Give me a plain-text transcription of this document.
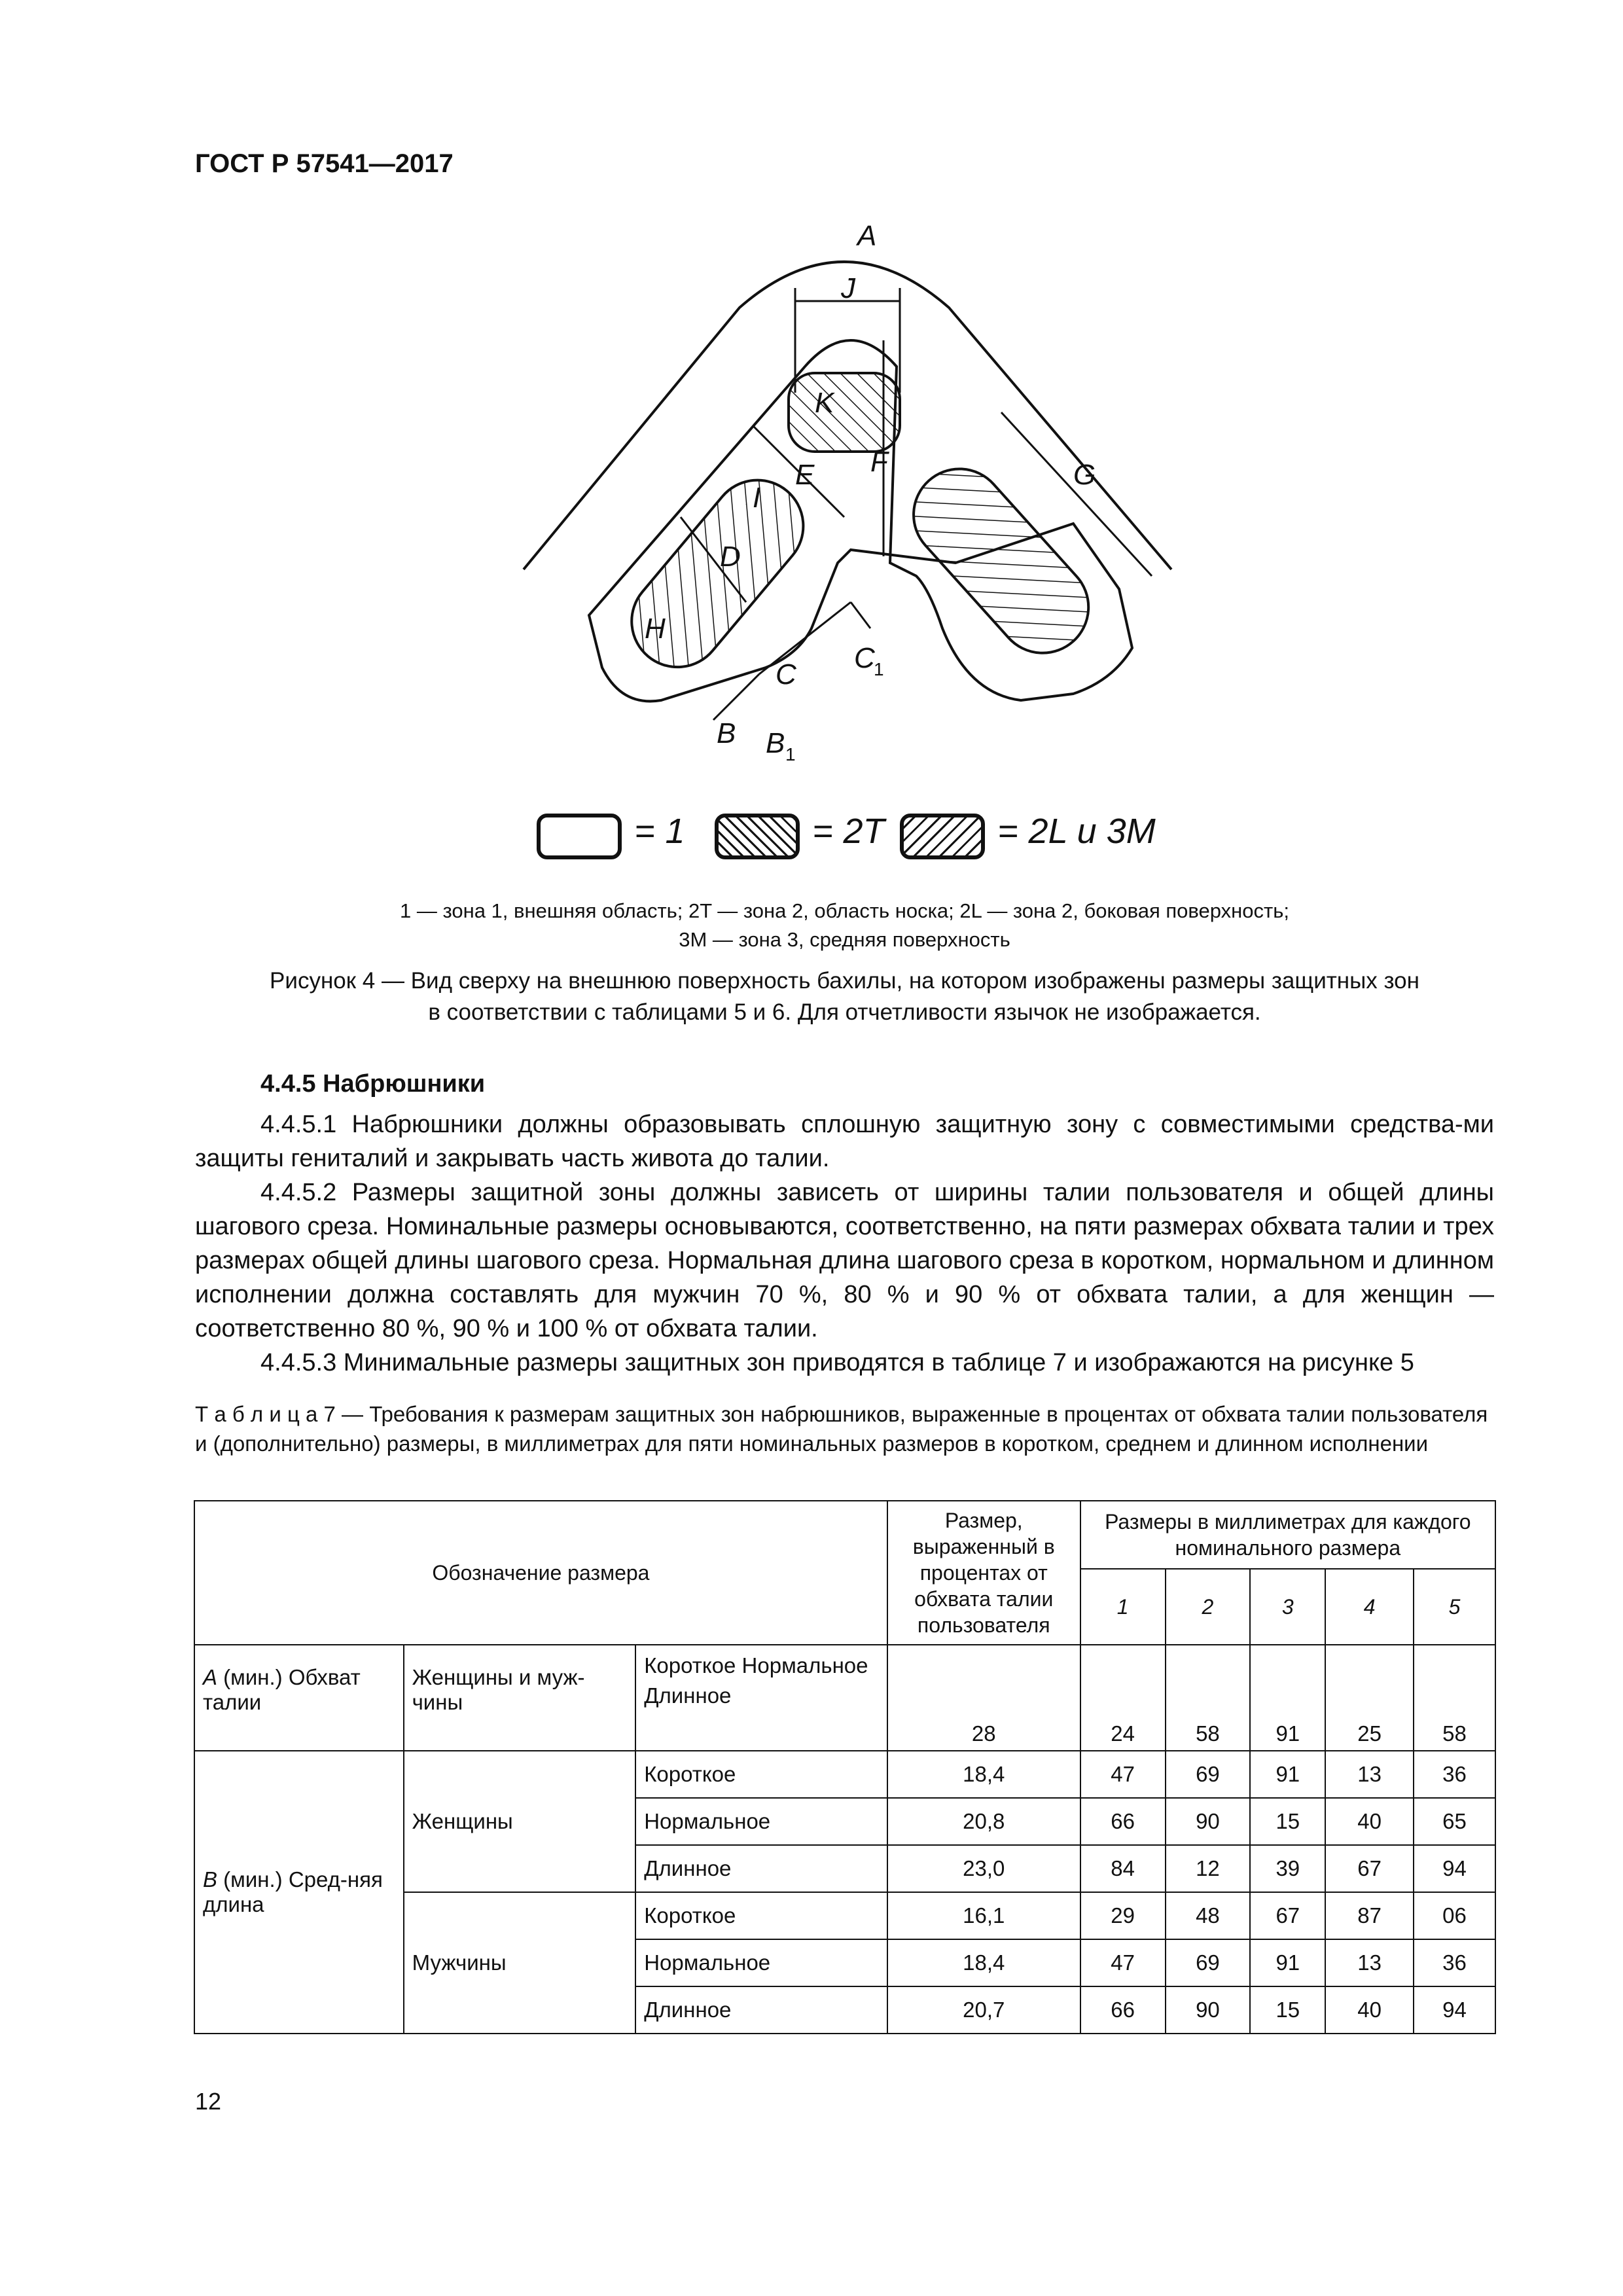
ГОСТ Р 57541—2017
A
J
K
F
E	G
I
D
H
C
C
1
B B 1
= 1	= 2T	= 2L и 3M
1 — зона 1, внешняя область; 2T — зона 2, область носка; 2L — зона 2, боковая поверхность;
3M — зона 3, средняя поверхность
Рисунок 4 — Вид сверху на внешнюю поверхность бахилы, на котором изображены размеры защитных зон
в соответствии с таблицами 5 и 6. Для отчетливости язычок не изображается.
4.4.5 Набрюшники
4.4.5.1 Набрюшники должны образовывать сплошную защитную зону с совместимыми средства-ми защиты гениталий и закрывать часть живота до талии.
4.4.5.2 Размеры защитной зоны должны зависеть от ширины талии пользователя и общей длины шагового среза. Номинальные размеры основываются, соответственно, на пяти размерах обхвата талии и трех размерах общей длины шагового среза. Нормальная длина шагового среза в коротком, нормальном и длинном исполнении должна составлять для мужчин 70 %, 80 % и 90 % от обхвата талии, а для женщин — соответственно 80 %, 90 % и 100 % от обхвата талии.
4.4.5.3 Минимальные размеры защитных зон приводятся в таблице 7 и изображаются на рисунке 5
Т а б л и ц а 7 — Требования к размерам защитных зон набрюшников, выраженные в процентах от обхвата талии пользователя и (дополнительно) размеры, в миллиметрах для пяти номинальных размеров в коротком, среднем и длинном исполнении
Обозначение размера			Размер, выраженный в процентах от обхвата талии пользователя	Размеры в миллиметрах для каждого номинального размера				
				1	2	3	4	5
A (мин.) Обхват талии	Женщины и муж-чины	Короткое Нормальное Длинное	28	24	58	91	25	58
B (мин.) Сред-няя длина	Женщины	Короткое	18,4	47	69	91	13	36
		Нормальное	20,8	66	90	15	40	65
		Длинное	23,0	84	12	39	67	94
	Мужчины	Короткое	16,1	29	48	67	87	06
		Нормальное	18,4	47	69	91	13	36
		Длинное	20,7	66	90	15	40	94
12
